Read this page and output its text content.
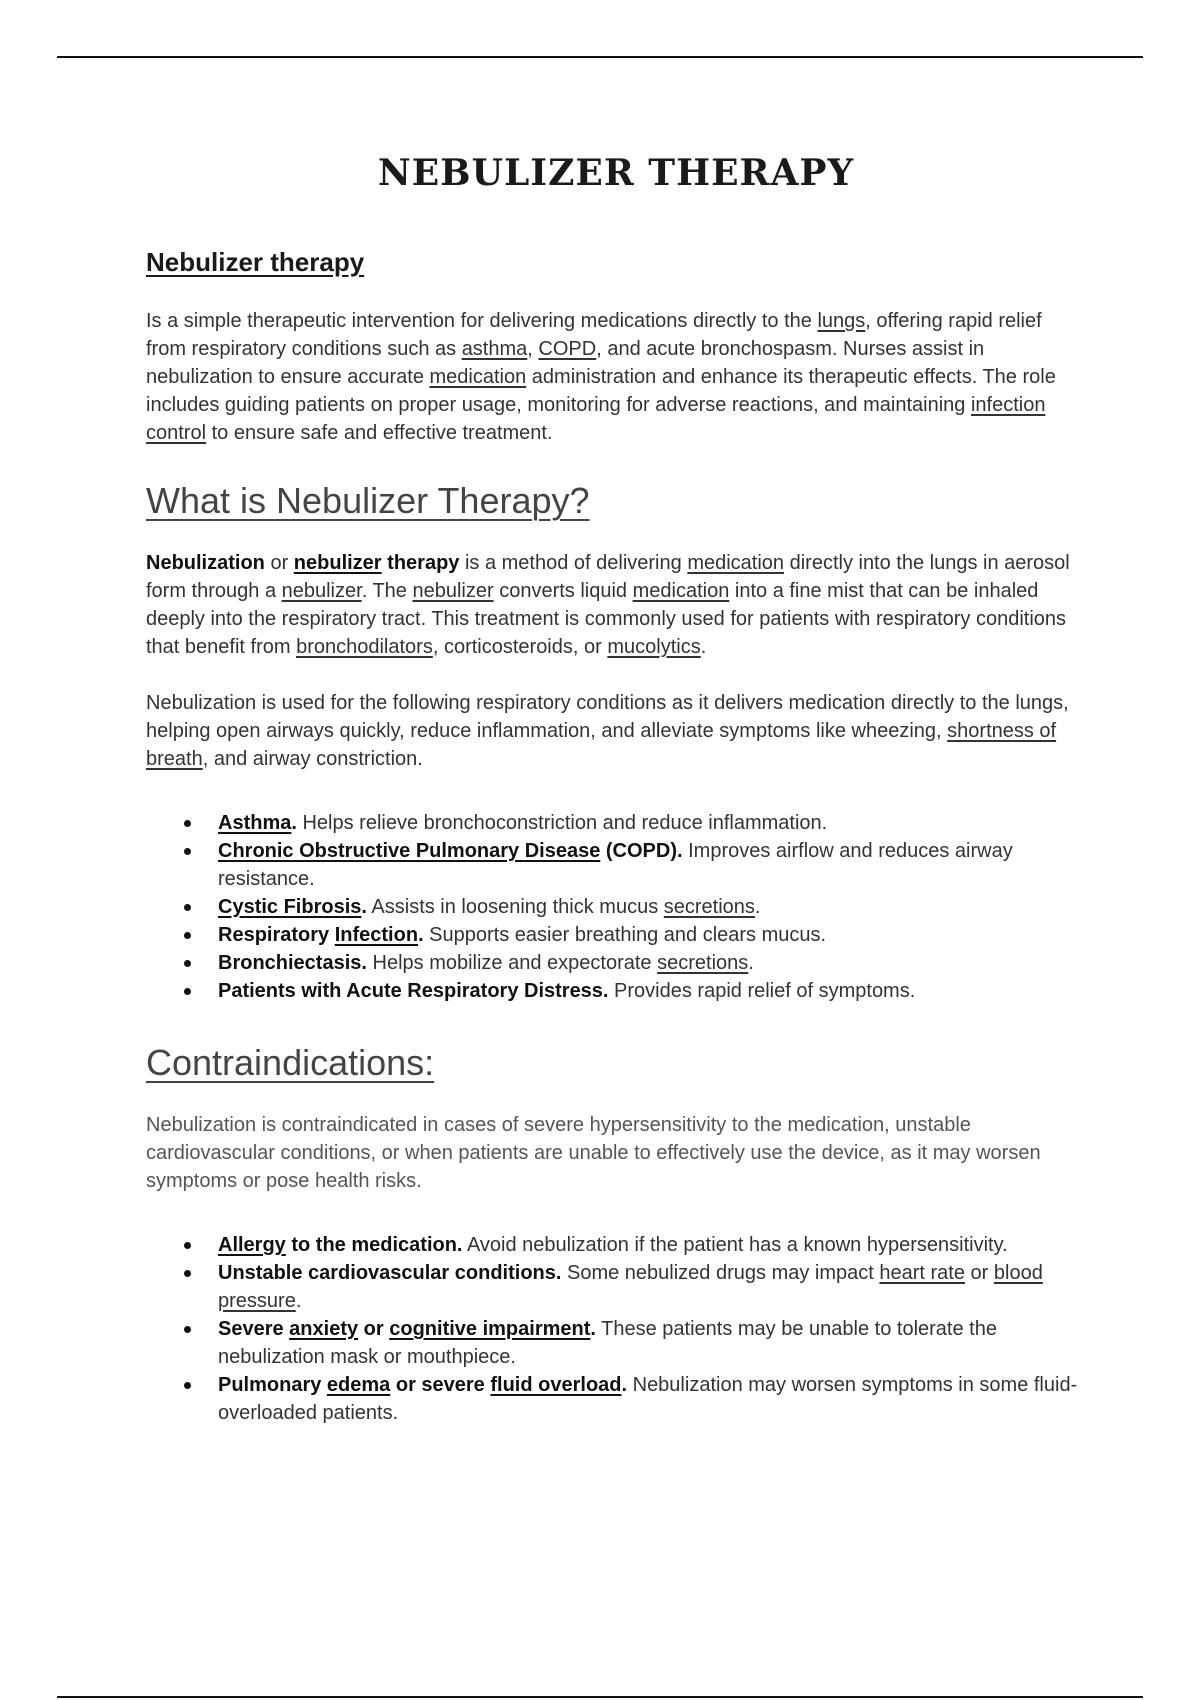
NEBULIZER THERAPY
Nebulizer therapy

Is a simple therapeutic intervention for delivering medications directly to the lungs, offering rapid relief from respiratory conditions such as asthma, COPD, and acute bronchospasm. Nurses assist in nebulization to ensure accurate medication administration and enhance its therapeutic effects. The role includes guiding patients on proper usage, monitoring for adverse reactions, and maintaining infection control to ensure safe and effective treatment.

What is Nebulizer Therapy?

Nebulization or nebulizer therapy is a method of delivering medication directly into the lungs in aerosol form through a nebulizer. The nebulizer converts liquid medication into a fine mist that can be inhaled deeply into the respiratory tract. This treatment is commonly used for patients with respiratory conditions that benefit from bronchodilators, corticosteroids, or mucolytics.

Nebulization is used for the following respiratory conditions as it delivers medication directly to the lungs, helping open airways quickly, reduce inflammation, and alleviate symptoms like wheezing, shortness of breath, and airway constriction.

Asthma. Helps relieve bronchoconstriction and reduce inflammation.
Chronic Obstructive Pulmonary Disease (COPD). Improves airflow and reduces airway resistance.
Cystic Fibrosis. Assists in loosening thick mucus secretions.
Respiratory Infection. Supports easier breathing and clears mucus.
Bronchiectasis. Helps mobilize and expectorate secretions.
Patients with Acute Respiratory Distress. Provides rapid relief of symptoms.
Contraindications:

Nebulization is contraindicated in cases of severe hypersensitivity to the medication, unstable cardiovascular conditions, or when patients are unable to effectively use the device, as it may worsen symptoms or pose health risks.

Allergy to the medication. Avoid nebulization if the patient has a known hypersensitivity.
Unstable cardiovascular conditions. Some nebulized drugs may impact heart rate or blood pressure.
Severe anxiety or cognitive impairment. These patients may be unable to tolerate the nebulization mask or mouthpiece.
Pulmonary edema or severe fluid overload. Nebulization may worsen symptoms in some fluid-overloaded patients.
